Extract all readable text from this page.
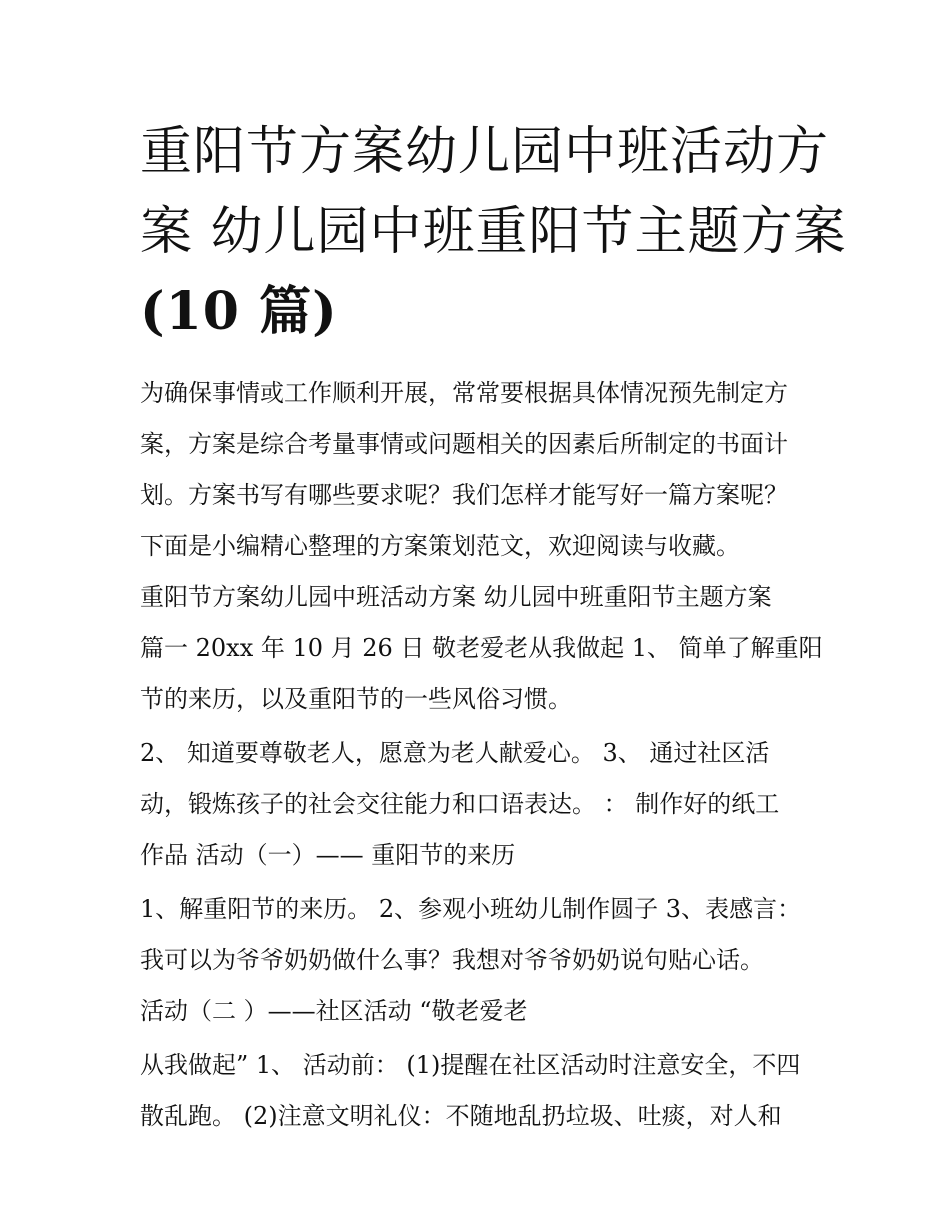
重阳节方案幼儿园中班活动方
案 幼儿园中班重阳节主题方案
(10 篇)
为确保事情或工作顺利开展，常常要根据具体情况预先制定方
案，方案是综合考量事情或问题相关的因素后所制定的书面计
划。方案书写有哪些要求呢？我们怎样才能写好一篇方案呢？
下面是小编精心整理的方案策划范文，欢迎阅读与收藏。
重阳节方案幼儿园中班活动方案 幼儿园中班重阳节主题方案
篇一 20xx 年 10 月 26 日 敬老爱老从我做起 1、 简单了解重阳
节的来历，以及重阳节的一些风俗习惯。
2、 知道要尊敬老人，愿意为老人献爱心。 3、 通过社区活
动，锻炼孩子的社会交往能力和口语表达。 ： 制作好的纸工
作品 活动（一）—— 重阳节的来历
1、解重阳节的来历。 2、参观小班幼儿制作圆子 3、表感言：
我可以为爷爷奶奶做什么事？我想对爷爷奶奶说句贴心话。
活动（二 ）——社区活动 “敬老爱老
从我做起” 1、 活动前： (1)提醒在社区活动时注意安全，不四
散乱跑。 (2)注意文明礼仪：不随地乱扔垃圾、吐痰，对人和
